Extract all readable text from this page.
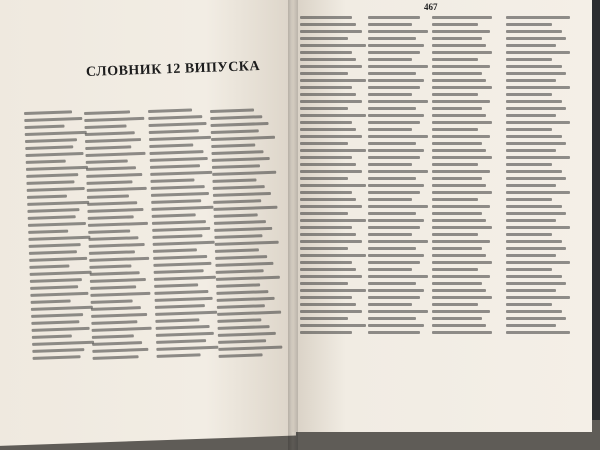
СЛОВНИК 12 ВИПУСКА
467
